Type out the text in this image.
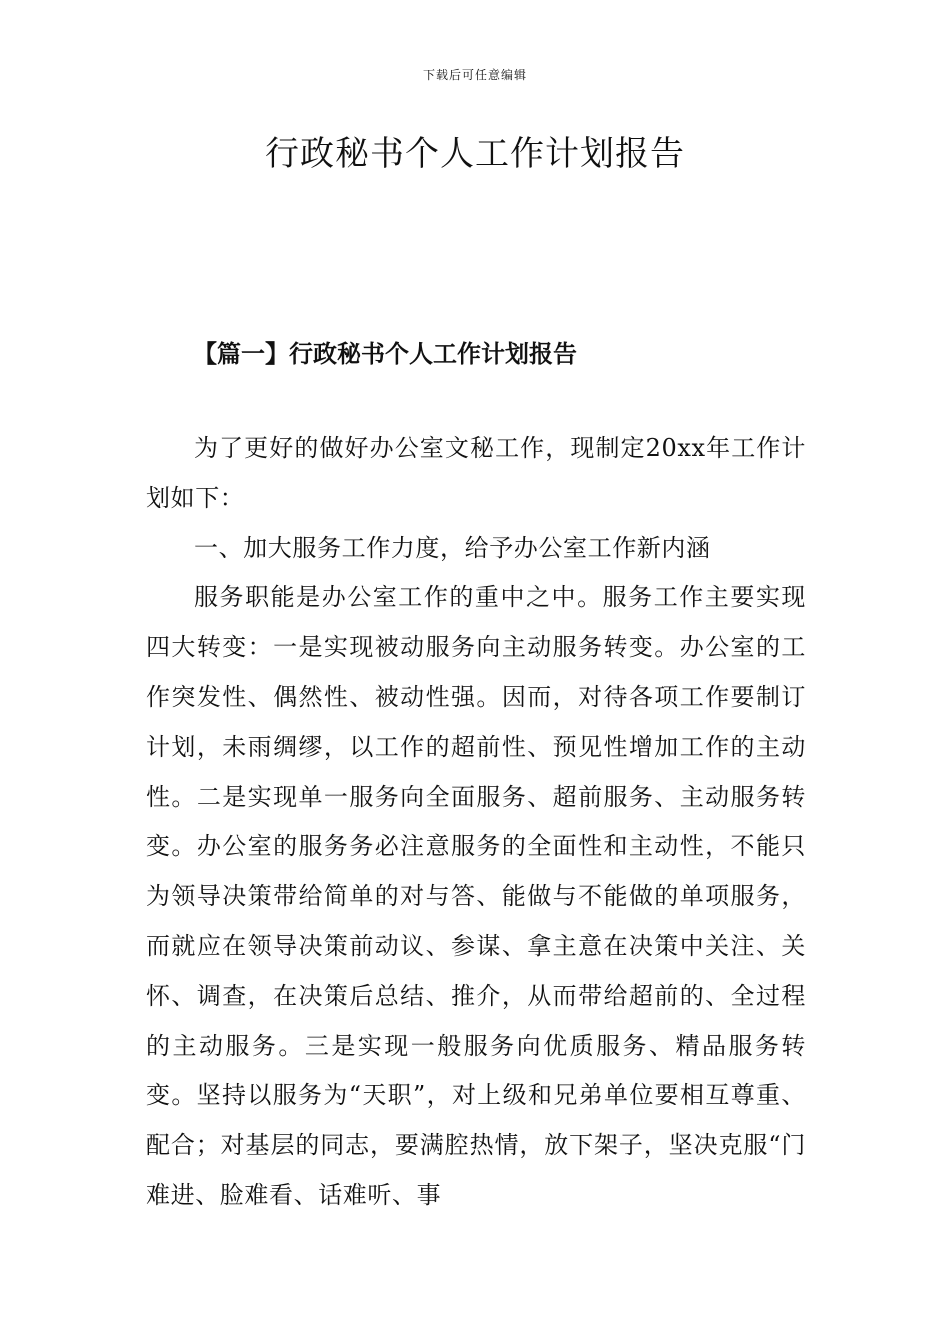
下载后可任意编辑
行政秘书个人工作计划报告
【篇一】行政秘书个人工作计划报告

为了更好的做好办公室文秘工作，现制定20xx年工作计划如下：

一、加大服务工作力度，给予办公室工作新内涵

服务职能是办公室工作的重中之中。服务工作主要实现四大转变：一是实现被动服务向主动服务转变。办公室的工作突发性、偶然性、被动性强。因而，对待各项工作要制订计划，未雨绸缪，以工作的超前性、预见性增加工作的主动性。二是实现单一服务向全面服务、超前服务、主动服务转变。办公室的服务务必注意服务的全面性和主动性，不能只为领导决策带给简单的对与答、能做与不能做的单项服务，而就应在领导决策前动议、参谋、拿主意在决策中关注、关怀、调查，在决策后总结、推介，从而带给超前的、全过程的主动服务。三是实现一般服务向优质服务、精品服务转变。坚持以服务为“天职”，对上级和兄弟单位要相互尊重、配合；对基层的同志，要满腔热情，放下架子，坚决克服“门难进、脸难看、话难听、事
